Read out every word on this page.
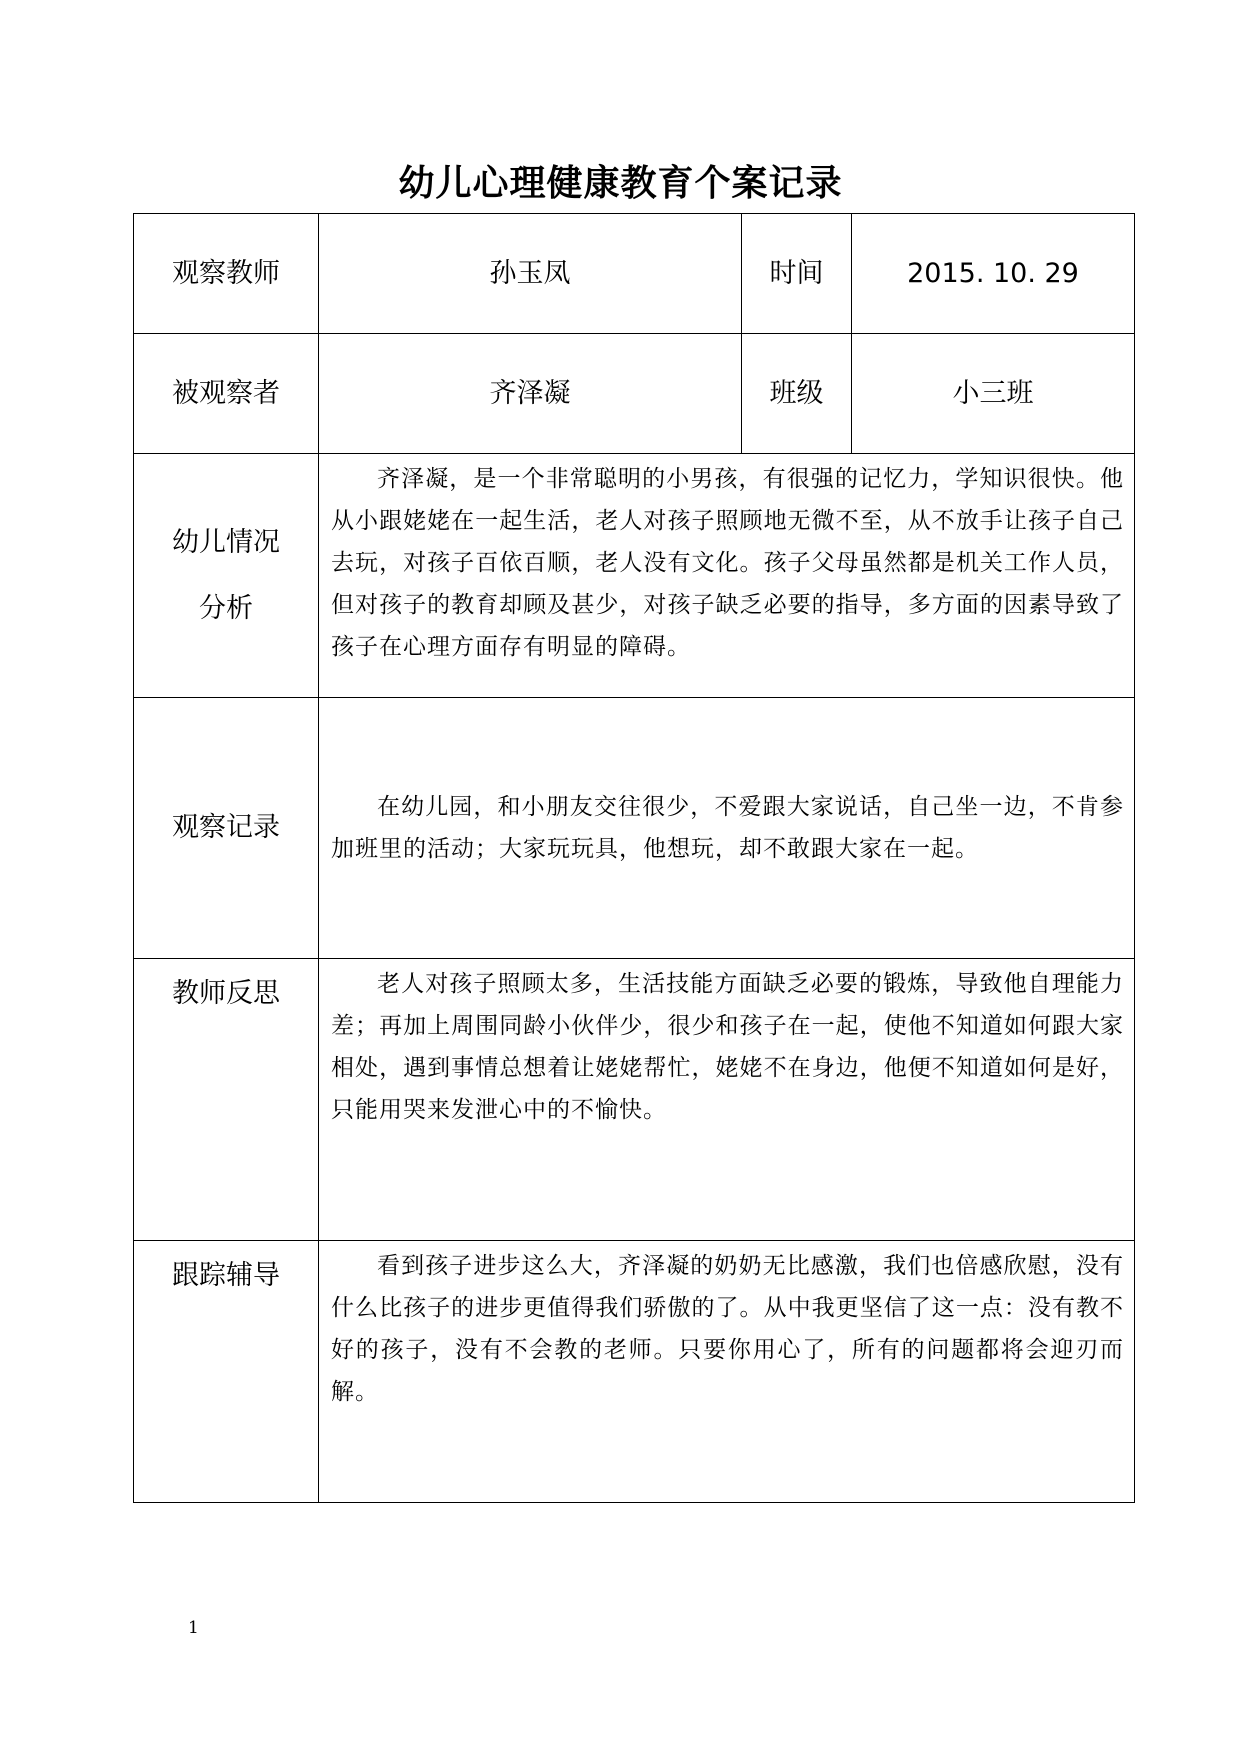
幼儿心理健康教育个案记录
观察教师	孙玉凤	时间	2015. 10. 29
被观察者	齐泽凝	班级	小三班

幼儿情况
分析	齐泽凝，是一个非常聪明的小男孩，有很强的记忆力，学知识很快。他从小跟姥姥在一起生活，老人对孩子照顾地无微不至，从不放手让孩子自己去玩，对孩子百依百顺，老人没有文化。孩子父母虽然都是机关工作人员，但对孩子的教育却顾及甚少，对孩子缺乏必要的指导，多方面的因素导致了孩子在心理方面存有明显的障碍。		

观察记录	在幼儿园，和小朋友交往很少，不爱跟大家说话，自己坐一边，不肯参加班里的活动；大家玩玩具，他想玩，却不敢跟大家在一起。		

教师反思	老人对孩子照顾太多，生活技能方面缺乏必要的锻炼，导致他自理能力差；再加上周围同龄小伙伴少，很少和孩子在一起，使他不知道如何跟大家相处，遇到事情总想着让姥姥帮忙，姥姥不在身边，他便不知道如何是好，只能用哭来发泄心中的不愉快。		

跟踪辅导	看到孩子进步这么大，齐泽凝的奶奶无比感激，我们也倍感欣慰，没有什么比孩子的进步更值得我们骄傲的了。从中我更坚信了这一点：没有教不好的孩子，没有不会教的老师。只要你用心了，所有的问题都将会迎刃而解。		

1
